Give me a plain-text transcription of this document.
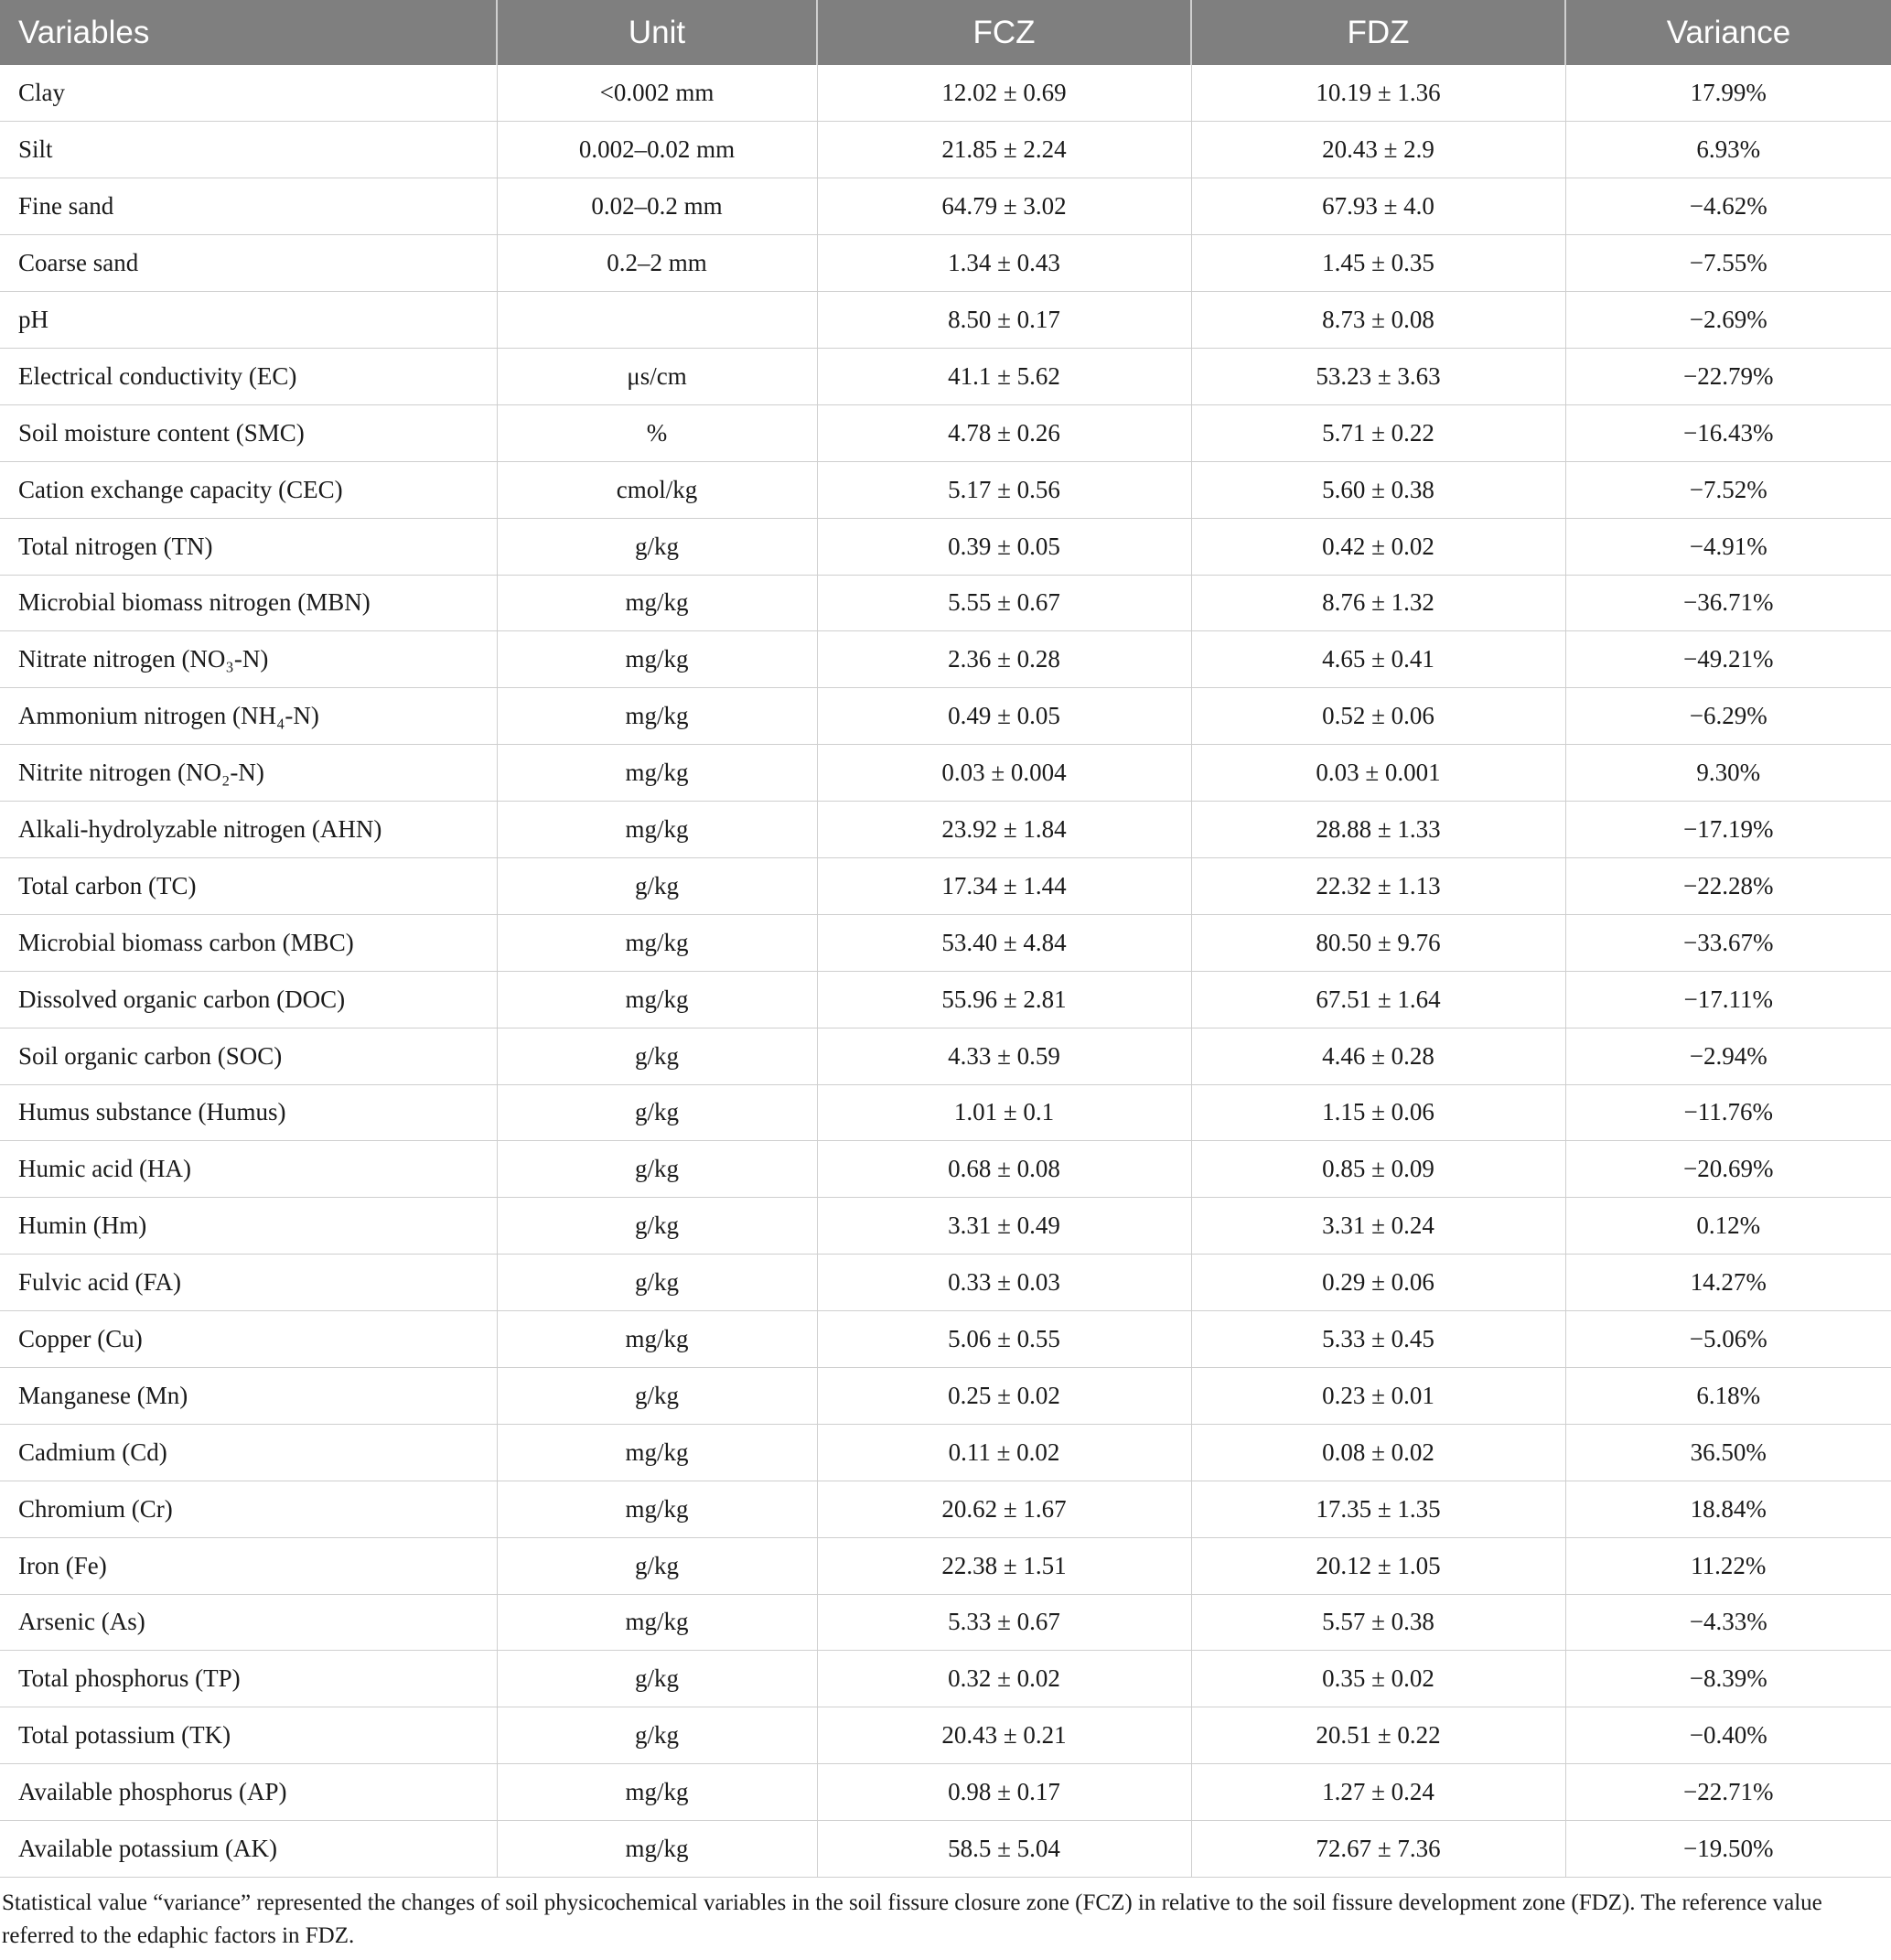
Variables	Unit	FCZ	FDZ	Variance
Clay	<0.002 mm	12.02 ± 0.69	10.19 ± 1.36	17.99%
Silt	0.002–0.02 mm	21.85 ± 2.24	20.43 ± 2.9	6.93%
Fine sand	0.02–0.2 mm	64.79 ± 3.02	67.93 ± 4.0	−4.62%
Coarse sand	0.2–2 mm	1.34 ± 0.43	1.45 ± 0.35	−7.55%
pH		8.50 ± 0.17	8.73 ± 0.08	−2.69%
Electrical conductivity (EC)	μs/cm	41.1 ± 5.62	53.23 ± 3.63	−22.79%
Soil moisture content (SMC)	%	4.78 ± 0.26	5.71 ± 0.22	−16.43%
Cation exchange capacity (CEC)	cmol/kg	5.17 ± 0.56	5.60 ± 0.38	−7.52%
Total nitrogen (TN)	g/kg	0.39 ± 0.05	0.42 ± 0.02	−4.91%
Microbial biomass nitrogen (MBN)	mg/kg	5.55 ± 0.67	8.76 ± 1.32	−36.71%
Nitrate nitrogen (NO₃-N)	mg/kg	2.36 ± 0.28	4.65 ± 0.41	−49.21%
Ammonium nitrogen (NH₄-N)	mg/kg	0.49 ± 0.05	0.52 ± 0.06	−6.29%
Nitrite nitrogen (NO₂-N)	mg/kg	0.03 ± 0.004	0.03 ± 0.001	9.30%
Alkali-hydrolyzable nitrogen (AHN)	mg/kg	23.92 ± 1.84	28.88 ± 1.33	−17.19%
Total carbon (TC)	g/kg	17.34 ± 1.44	22.32 ± 1.13	−22.28%
Microbial biomass carbon (MBC)	mg/kg	53.40 ± 4.84	80.50 ± 9.76	−33.67%
Dissolved organic carbon (DOC)	mg/kg	55.96 ± 2.81	67.51 ± 1.64	−17.11%
Soil organic carbon (SOC)	g/kg	4.33 ± 0.59	4.46 ± 0.28	−2.94%
Humus substance (Humus)	g/kg	1.01 ± 0.1	1.15 ± 0.06	−11.76%
Humic acid (HA)	g/kg	0.68 ± 0.08	0.85 ± 0.09	−20.69%
Humin (Hm)	g/kg	3.31 ± 0.49	3.31 ± 0.24	0.12%
Fulvic acid (FA)	g/kg	0.33 ± 0.03	0.29 ± 0.06	14.27%
Copper (Cu)	mg/kg	5.06 ± 0.55	5.33 ± 0.45	−5.06%
Manganese (Mn)	g/kg	0.25 ± 0.02	0.23 ± 0.01	6.18%
Cadmium (Cd)	mg/kg	0.11 ± 0.02	0.08 ± 0.02	36.50%
Chromium (Cr)	mg/kg	20.62 ± 1.67	17.35 ± 1.35	18.84%
Iron (Fe)	g/kg	22.38 ± 1.51	20.12 ± 1.05	11.22%
Arsenic (As)	mg/kg	5.33 ± 0.67	5.57 ± 0.38	−4.33%
Total phosphorus (TP)	g/kg	0.32 ± 0.02	0.35 ± 0.02	−8.39%
Total potassium (TK)	g/kg	20.43 ± 0.21	20.51 ± 0.22	−0.40%
Available phosphorus (AP)	mg/kg	0.98 ± 0.17	1.27 ± 0.24	−22.71%
Available potassium (AK)	mg/kg	58.5 ± 5.04	72.67 ± 7.36	−19.50%

Statistical value “variance” represented the changes of soil physicochemical variables in the soil fissure closure zone (FCZ) in relative to the soil fissure development zone (FDZ). The reference value referred to the edaphic factors in FDZ.
